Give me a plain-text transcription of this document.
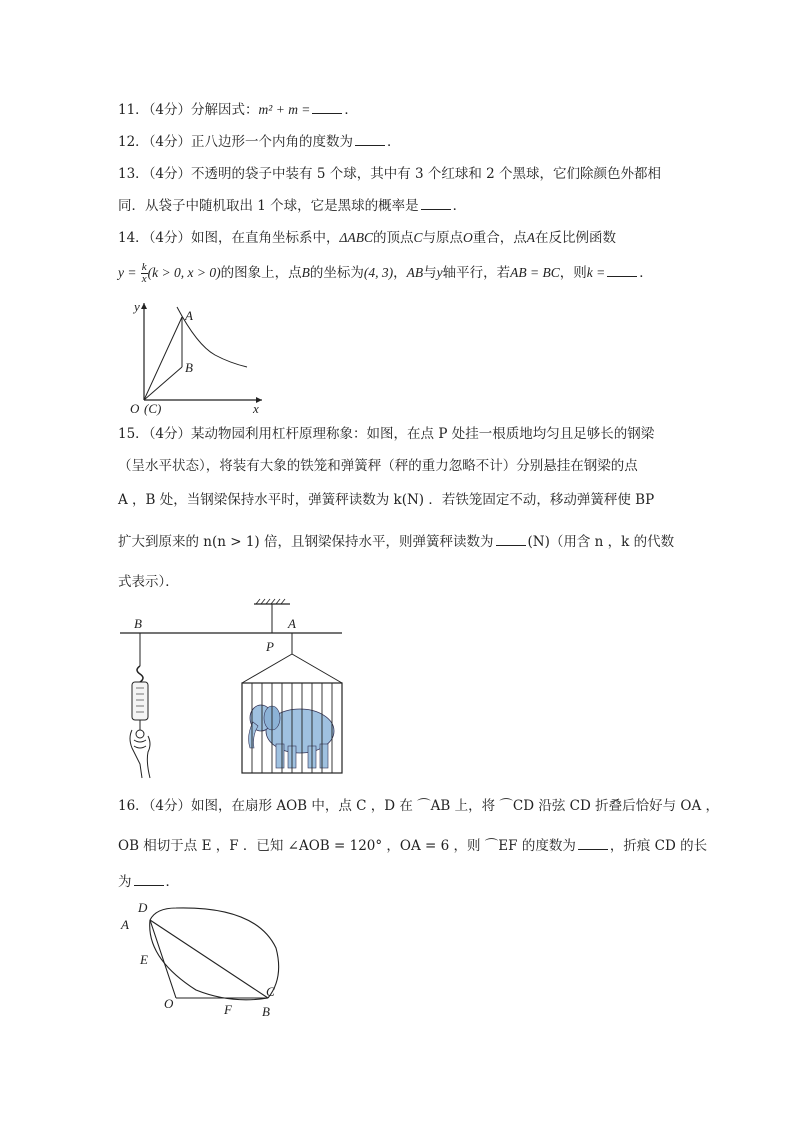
11．（4分）分解因式：m² + m =	．
12．（4分）正八边形一个内角的度数为	．
13．（4分）不透明的袋子中装有 5 个球，其中有 3 个红球和 2 个黑球，它们除颜色外都相
同．从袋子中随机取出 1 个球，它是黑球的概率是	．
14．（4分）如图，在直角坐标系中，ΔABC的顶点C与原点O重合，点A在反比例函数
$y = \frac{k}{x} (k > 0$, x > 0)的图象上，点B的坐标为(4, 3)，AB与y轴平行，若AB = BC，则k =	．
y
A
B
O (C)	x
15．（4分）某动物园利用杠杆原理称象：如图，在点 P 处挂一根质地均匀且足够长的钢梁
（呈水平状态），将装有大象的铁笼和弹簧秤（秤的重力忽略不计）分别悬挂在钢梁的点
A ，B 处，当钢梁保持水平时，弹簧秤读数为 k(N) ．若铁笼固定不动，移动弹簧秤使 BP
扩大到原来的 n(n > 1) 倍，且钢梁保持水平，则弹簧秤读数为	(N)（用含 n ，k 的代数
式表示）．
B	A
P
16．（4分）如图，在扇形 AOB 中，点 C ，D 在 ⌒AB 上，将 ⌒CD 沿弦 CD 折叠后恰好与 OA ，
OB 相切于点 E ，F ．已知 ∠AOB = 120° ，OA = 6 ，则 ⌒EF 的度数为	，折痕 CD 的长
为	．
D
A
E
O	F
C
B
